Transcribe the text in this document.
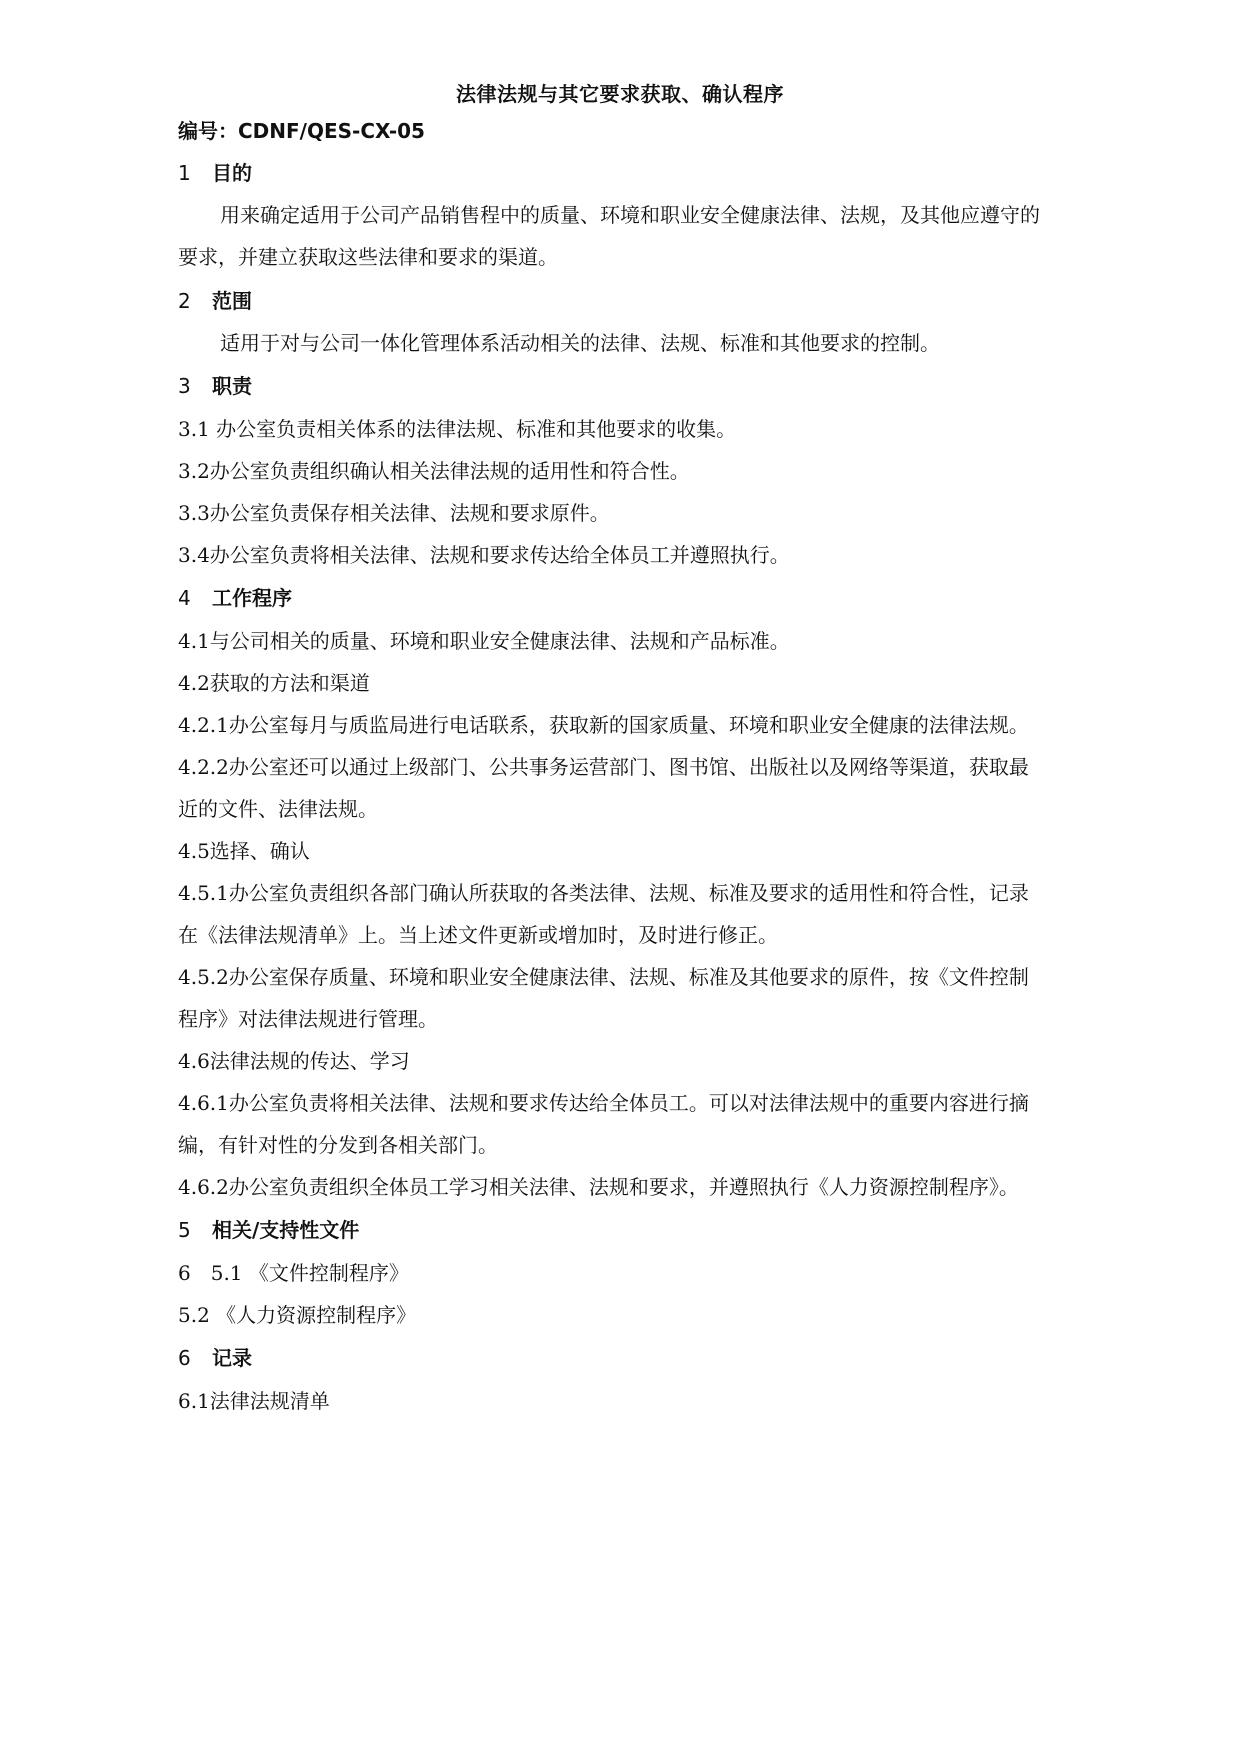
法律法规与其它要求获取、确认程序
编号：CDNF/QES-CX-05
1 目的
用来确定适用于公司产品销售程中的质量、环境和职业安全健康法律、法规，及其他应遵守的
要求，并建立获取这些法律和要求的渠道。
2 范围
适用于对与公司一体化管理体系活动相关的法律、法规、标准和其他要求的控制。
3 职责
3.1 办公室负责相关体系的法律法规、标准和其他要求的收集。
3.2办公室负责组织确认相关法律法规的适用性和符合性。
3.3办公室负责保存相关法律、法规和要求原件。
3.4办公室负责将相关法律、法规和要求传达给全体员工并遵照执行。
4 工作程序
4.1与公司相关的质量、环境和职业安全健康法律、法规和产品标准。
4.2获取的方法和渠道
4.2.1办公室每月与质监局进行电话联系，获取新的国家质量、环境和职业安全健康的法律法规。
4.2.2办公室还可以通过上级部门、公共事务运营部门、图书馆、出版社以及网络等渠道，获取最
近的文件、法律法规。
4.5选择、确认
4.5.1办公室负责组织各部门确认所获取的各类法律、法规、标准及要求的适用性和符合性，记录
在《法律法规清单》上。当上述文件更新或增加时，及时进行修正。
4.5.2办公室保存质量、环境和职业安全健康法律、法规、标准及其他要求的原件，按《文件控制
程序》对法律法规进行管理。
4.6法律法规的传达、学习
4.6.1办公室负责将相关法律、法规和要求传达给全体员工。可以对法律法规中的重要内容进行摘
编，有针对性的分发到各相关部门。
4.6.2办公室负责组织全体员工学习相关法律、法规和要求，并遵照执行《人力资源控制程序》。
5 相关/支持性文件
6　5.1 《文件控制程序》
5.2 《人力资源控制程序》
6 记录
6.1法律法规清单
